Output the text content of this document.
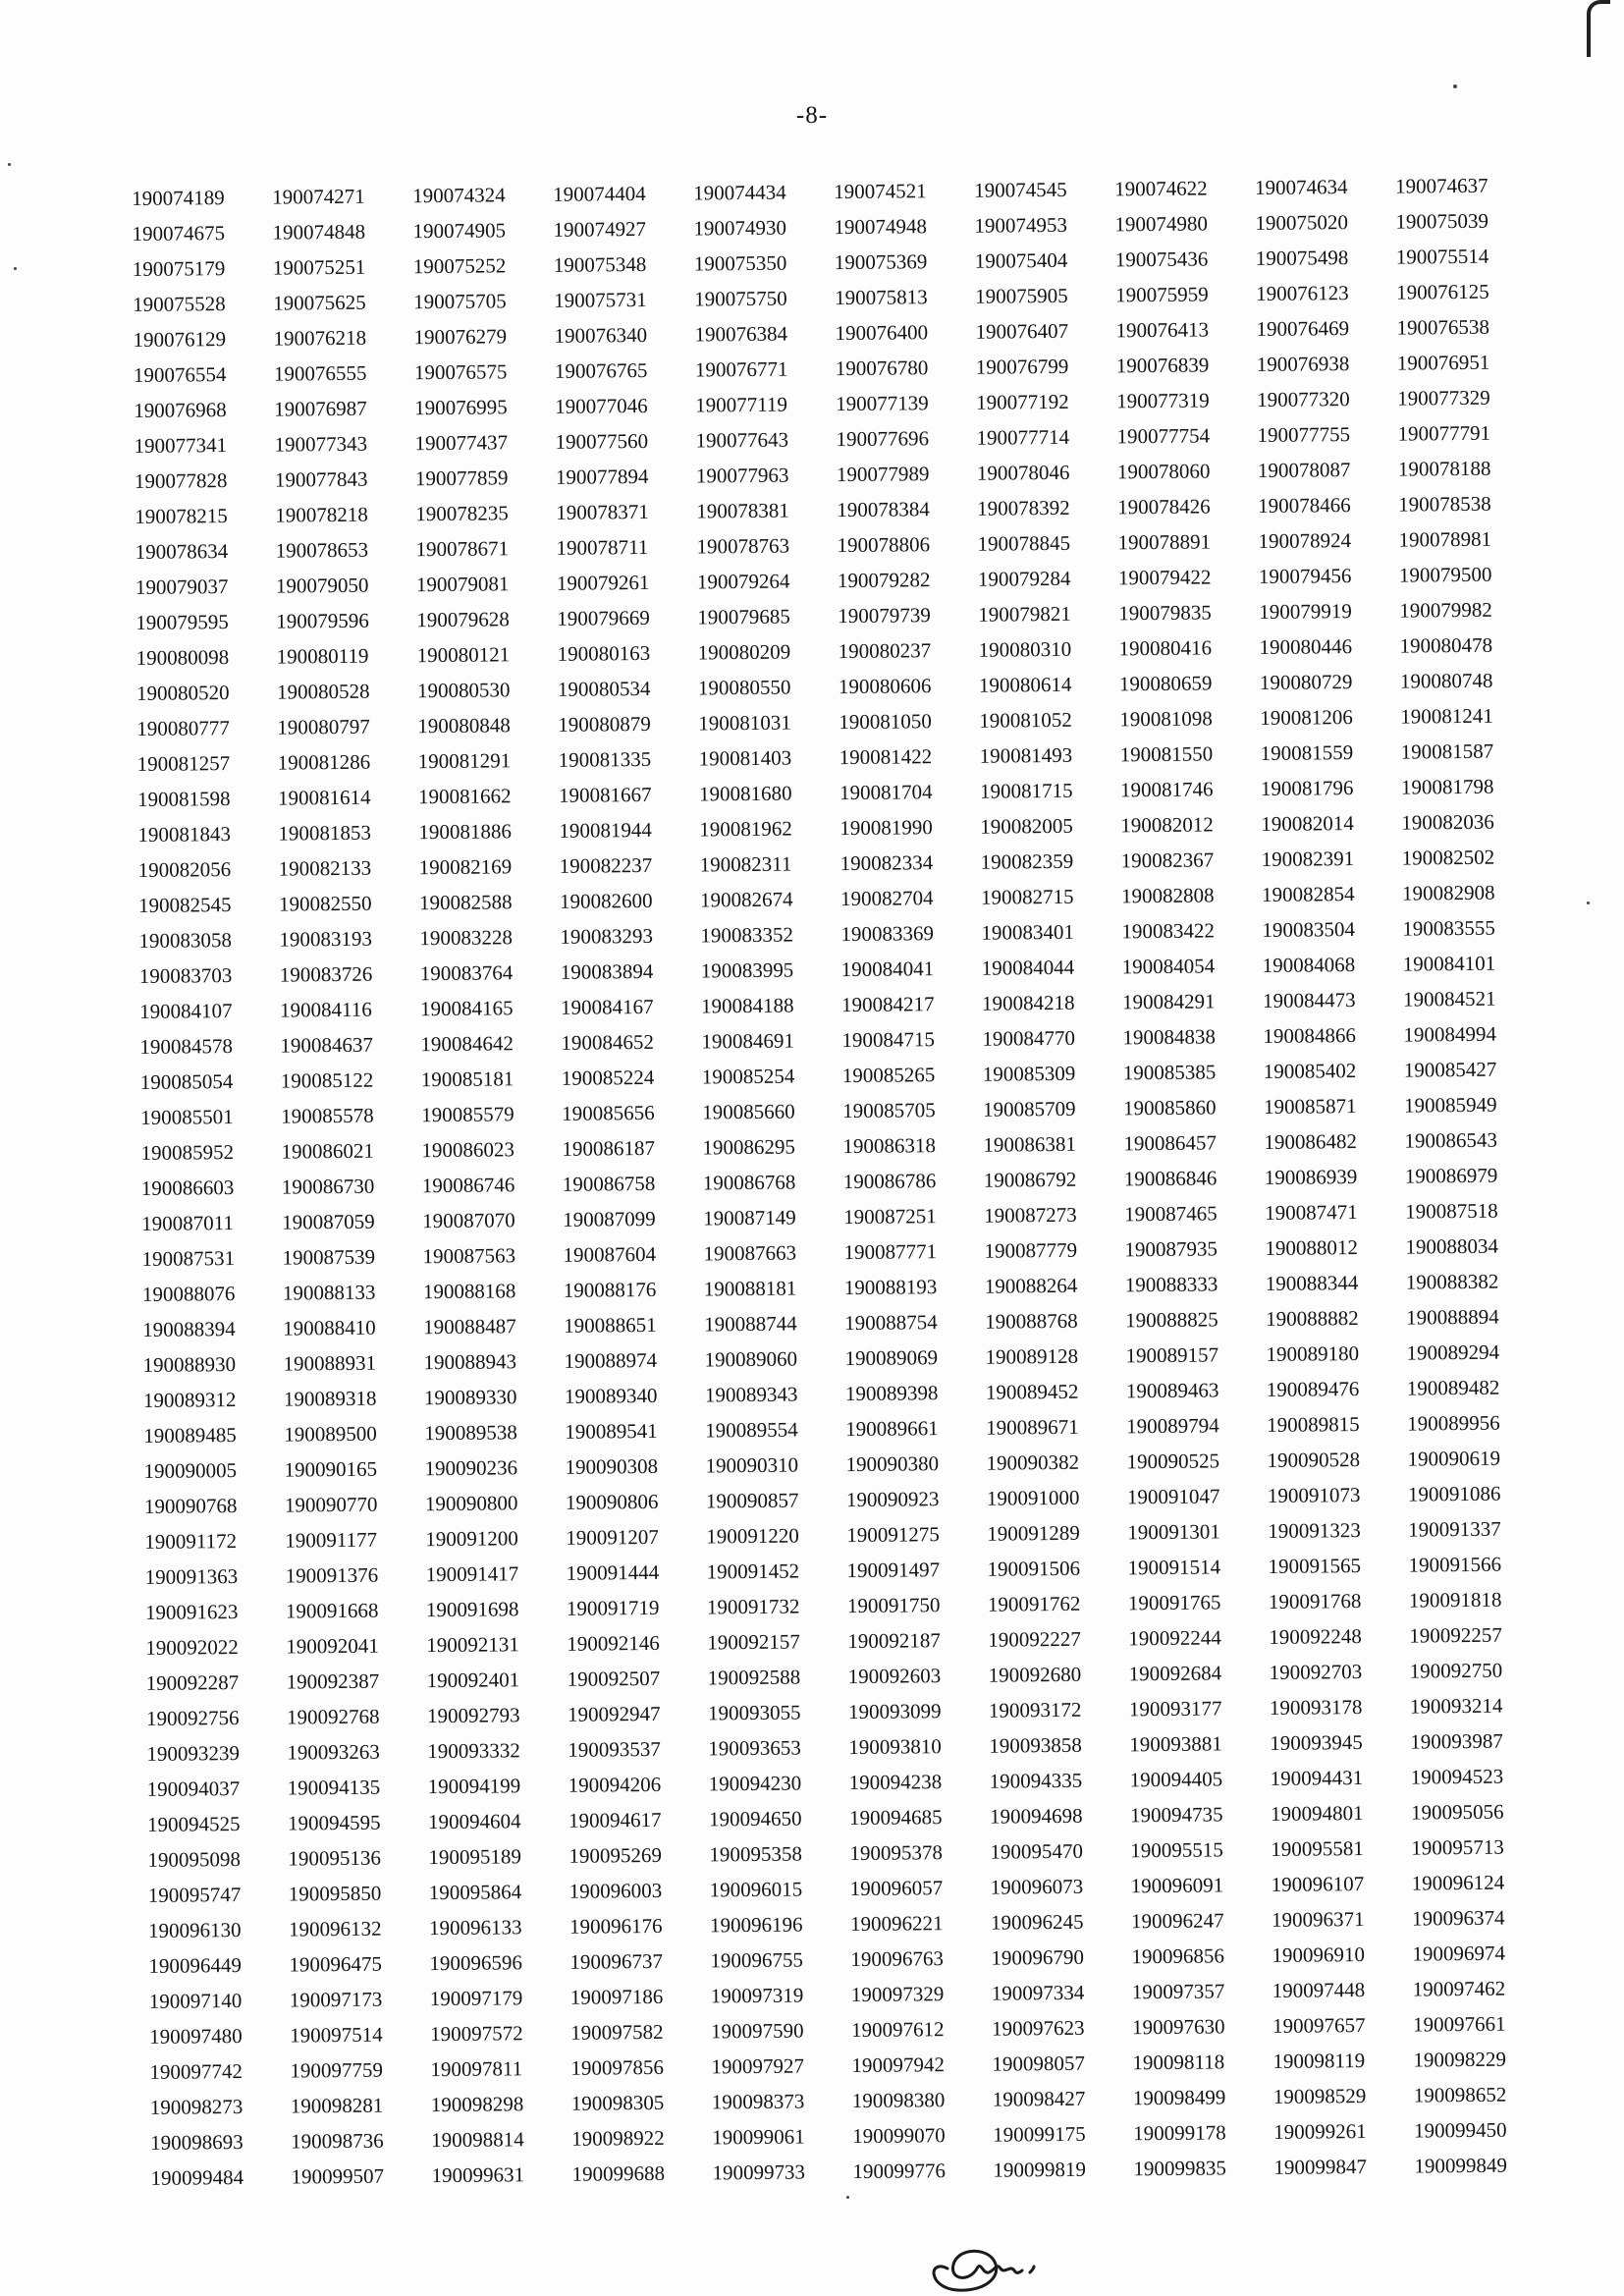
-8-
190074189	190074271	190074324	190074404	190074434	190074521	190074545	190074622	190074634	190074637
190074675	190074848	190074905	190074927	190074930	190074948	190074953	190074980	190075020	190075039
190075179	190075251	190075252	190075348	190075350	190075369	190075404	190075436	190075498	190075514
190075528	190075625	190075705	190075731	190075750	190075813	190075905	190075959	190076123	190076125
190076129	190076218	190076279	190076340	190076384	190076400	190076407	190076413	190076469	190076538
190076554	190076555	190076575	190076765	190076771	190076780	190076799	190076839	190076938	190076951
190076968	190076987	190076995	190077046	190077119	190077139	190077192	190077319	190077320	190077329
190077341	190077343	190077437	190077560	190077643	190077696	190077714	190077754	190077755	190077791
190077828	190077843	190077859	190077894	190077963	190077989	190078046	190078060	190078087	190078188
190078215	190078218	190078235	190078371	190078381	190078384	190078392	190078426	190078466	190078538
190078634	190078653	190078671	190078711	190078763	190078806	190078845	190078891	190078924	190078981
190079037	190079050	190079081	190079261	190079264	190079282	190079284	190079422	190079456	190079500
190079595	190079596	190079628	190079669	190079685	190079739	190079821	190079835	190079919	190079982
190080098	190080119	190080121	190080163	190080209	190080237	190080310	190080416	190080446	190080478
190080520	190080528	190080530	190080534	190080550	190080606	190080614	190080659	190080729	190080748
190080777	190080797	190080848	190080879	190081031	190081050	190081052	190081098	190081206	190081241
190081257	190081286	190081291	190081335	190081403	190081422	190081493	190081550	190081559	190081587
190081598	190081614	190081662	190081667	190081680	190081704	190081715	190081746	190081796	190081798
190081843	190081853	190081886	190081944	190081962	190081990	190082005	190082012	190082014	190082036
190082056	190082133	190082169	190082237	190082311	190082334	190082359	190082367	190082391	190082502
190082545	190082550	190082588	190082600	190082674	190082704	190082715	190082808	190082854	190082908
190083058	190083193	190083228	190083293	190083352	190083369	190083401	190083422	190083504	190083555
190083703	190083726	190083764	190083894	190083995	190084041	190084044	190084054	190084068	190084101
190084107	190084116	190084165	190084167	190084188	190084217	190084218	190084291	190084473	190084521
190084578	190084637	190084642	190084652	190084691	190084715	190084770	190084838	190084866	190084994
190085054	190085122	190085181	190085224	190085254	190085265	190085309	190085385	190085402	190085427
190085501	190085578	190085579	190085656	190085660	190085705	190085709	190085860	190085871	190085949
190085952	190086021	190086023	190086187	190086295	190086318	190086381	190086457	190086482	190086543
190086603	190086730	190086746	190086758	190086768	190086786	190086792	190086846	190086939	190086979
190087011	190087059	190087070	190087099	190087149	190087251	190087273	190087465	190087471	190087518
190087531	190087539	190087563	190087604	190087663	190087771	190087779	190087935	190088012	190088034
190088076	190088133	190088168	190088176	190088181	190088193	190088264	190088333	190088344	190088382
190088394	190088410	190088487	190088651	190088744	190088754	190088768	190088825	190088882	190088894
190088930	190088931	190088943	190088974	190089060	190089069	190089128	190089157	190089180	190089294
190089312	190089318	190089330	190089340	190089343	190089398	190089452	190089463	190089476	190089482
190089485	190089500	190089538	190089541	190089554	190089661	190089671	190089794	190089815	190089956
190090005	190090165	190090236	190090308	190090310	190090380	190090382	190090525	190090528	190090619
190090768	190090770	190090800	190090806	190090857	190090923	190091000	190091047	190091073	190091086
190091172	190091177	190091200	190091207	190091220	190091275	190091289	190091301	190091323	190091337
190091363	190091376	190091417	190091444	190091452	190091497	190091506	190091514	190091565	190091566
190091623	190091668	190091698	190091719	190091732	190091750	190091762	190091765	190091768	190091818
190092022	190092041	190092131	190092146	190092157	190092187	190092227	190092244	190092248	190092257
190092287	190092387	190092401	190092507	190092588	190092603	190092680	190092684	190092703	190092750
190092756	190092768	190092793	190092947	190093055	190093099	190093172	190093177	190093178	190093214
190093239	190093263	190093332	190093537	190093653	190093810	190093858	190093881	190093945	190093987
190094037	190094135	190094199	190094206	190094230	190094238	190094335	190094405	190094431	190094523
190094525	190094595	190094604	190094617	190094650	190094685	190094698	190094735	190094801	190095056
190095098	190095136	190095189	190095269	190095358	190095378	190095470	190095515	190095581	190095713
190095747	190095850	190095864	190096003	190096015	190096057	190096073	190096091	190096107	190096124
190096130	190096132	190096133	190096176	190096196	190096221	190096245	190096247	190096371	190096374
190096449	190096475	190096596	190096737	190096755	190096763	190096790	190096856	190096910	190096974
190097140	190097173	190097179	190097186	190097319	190097329	190097334	190097357	190097448	190097462
190097480	190097514	190097572	190097582	190097590	190097612	190097623	190097630	190097657	190097661
190097742	190097759	190097811	190097856	190097927	190097942	190098057	190098118	190098119	190098229
190098273	190098281	190098298	190098305	190098373	190098380	190098427	190098499	190098529	190098652
190098693	190098736	190098814	190098922	190099061	190099070	190099175	190099178	190099261	190099450
190099484	190099507	190099631	190099688	190099733	190099776	190099819	190099835	190099847	190099849
